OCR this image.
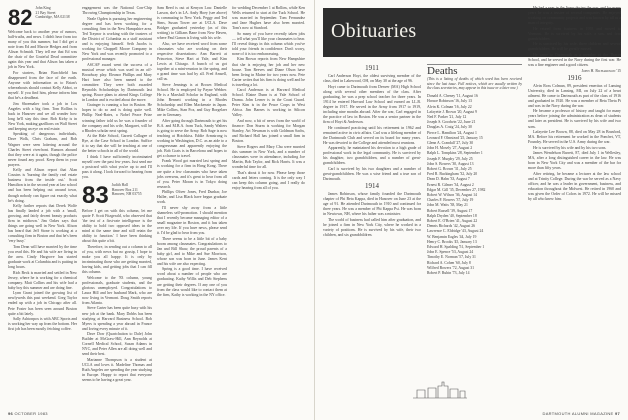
82 John King
21 Bay Street
Cambridge, MA 02138

Welcome back to another year of rumors, half-truths, and news. I didn't hear from too many of you this summer, but I did get a note from Ed and Marcie Hedges and from Alison Schmidt. They tell me that Ed was the chair of the Grateful Dead committee again this year and that Alison has taken a job in New York.

For starters, Brian Burchfield has disappeared from the face of the earth. Anyone with information as to Brian's whereabouts should contact Kelly Abbot, or myself. If you find him, please inform him that he's a deadbeat.

Jim Shoemaker took a job in Los Angeles with a big firm. Tom Rollins is back in Hanover and we all wonder how long he'll stay this time. Bob Kirby is in New York, making gazillions on Wall Street and keeping an eye on real estate.

Speaking of dangerous individuals, Dave Wolk, Chris Graham, and Bob Wagner were seen loitering around the Charles Street riverfront. Rumors abound that they were at it again, though the police never found any proof. Keep them in your prayers.

Kelly and Alison report that Alan Cousins is 'burning the family real estate business from the inside out.' Scott Hamilton is in the second year at law school and has been helping out around town, though nobody can figure out exactly what he's doing.

Kelly further reports that Derek Wolfe has finally landed a job with a 'small, growing, and fairly decent beauty products firm in midtown.' Jim Oakes says that things are going well in New York. Alison has heard that Jeff Stone is working at a consulting firm in Boston and that he's been 'very busy.'

Tom Dean will have married by the time you read this. He and his wife are living in the area. Cindy Hargrove has started graduate work at Columbia and is putting in long hours.

Rich Beck is married and settled in New Jersey, where he is working for a chemical company. Matt Collins and his wife had a baby boy this summer and are doing fine.

Lynn Grant joined the growing list of newlyweds this past weekend. Greg Taylor ended up with a job in Chicago after all. Pete Foster has been seen around Boston quite a bit lately.

Sally Ashtonpox is with ABC Sports and is working her way up from the bottom. Her first job has been mostly fetching coffee.

engagement was the National Con-Chip Throwing Championship in Texas.

Neale Ogden is pursuing her engineering degree and has been working for a consulting firm in the New Hampshire area. Ted Traynor is working with the trustees of the District of Columbia as a staff assistant and is enjoying himself. Seth Jacobs is working for Chappell Moore Company in New York and was recently promoted to a professional manager.

ASCAP award went the success of a musical revue which was used in an off-Broadway play. Eleanor Phillips and Mary Hart have also been named to the committee. They were both awarded Reynolds Scholarships by Dartmouth last spring. Bruce plans to attend Kings College in London and is excited about the move.

Grainger is running a bar in Boston. He hopes to do so and is doing quite well. Phillip Neal-Bates, a Nobel Peace Prize winning father told us he was a founder of the company and his wife, Margaret, will be a Rhodes scholar next spring.

At the Hale School, Garrett Callagee of Rye, at the Case School in London. Suffice it to say that she will be teaching at one of the better schools in all of the world.

I think I have sufficiently incriminated myself over the past few years. Just send me a postcard with what you're up to and I'll pass it along. I look forward to hearing from you.

83 Judith Hall
Hanover Box 211
Hanover, NH 03755

Before I get on with this column, let me quote F. Scott Fitzgerald, who observed that 'the test of a first-rate intelligence is the ability to hold two opposed ideas in the mind at the same time and still retain the ability to function.' I have been thinking about this quite a bit.

Therefore, in sending out a column to all of you, with news but no gossip, I hope to make you all happy. It is only by incriminating those who are getting married, having kids, and getting jobs that I can fill this column.

Welcome to the '83 column, young professionals, graduate students, and the glorious unemployed. Congratulations to Laura Hill and her husband Mark, who are now living in Vermont. Doug Smith reports from Atlanta.

Steve Carter has been quite busy with his new job at the bank. Mary Dobbs has been studying at Harvard Business School. Bob Myers is spending a year abroad in France and loving every minute of it.

Dave Dorr (Quartchaiton to Dale) John Builder at McGraw-Hill, Ann Reynolds at Cornell Medical School, Susan Adams in NYC, and Peter Allen are all doing well and send their best.

Marianne Thompson is a student at UCLA and loves it. Madeline Thomas and Ruth Angeles are spending the year studying in Europe. Happy to report that everyone seems to be having a great year.

Sam Reed is out at Kenyon Law. Danielle Larson, she's in LA. Andy Hoey (see above) is commuting to New York. Peggy and Ted Sims, Susan Tower are at UCLA. Dave Bridger graduated yesterday (as of this writing) to Gillians Bane from New Haven, where Paul Ganon is living with his wife.

Also, we have received word from some classmates who are working on their respective dissertations: Ann Barrett at Princeton, Steve Hart at Yale, and Kim Lewis at Chicago. A bunch of us got together at a mini-reunion in the spring, and a grand time was had by all. Fred Amsell, call us.

Steve Jennings is at Brown Medical School. He is employed by Payne Webber. He is a Marshall Scholar in England, with John Bennett working in a Rhodes Scholarship and Ellen Mackenzie in Japan. Mike Collins, Stan Fox, and Guy Borgelaer are in Germany.

After going through Dartmouth to get his B.A. and M.B.A. from Tuck, Sandy Walters is going to serve the Army. Rob Sage is now teaching at Hotchkiss. Eddie Armstrong is working in Washington, D.C. as an aide to a congressman and apparently enjoying the job. Bob Coats is in Barcelona and hopes to get a chance to travel.

Frank Wood got married last spring and is working for a firm in Hong Kong. There are quite a few classmates who have taken jobs overseas, and it's great to hear from all of you. Peter Moran is in Tokyo doing research.

Phillips Oliver Jones, Fred Dunbar, Joe Haller, and Lisa Black have begun graduate work.

I'll never shy away from a little shameless self-promotion. I should mention that I recently became managing editor of a small magazine in Boston, and it has taken over my life. If you have news, please send it. I'd be glad to hear from you.

There seems to be a little bit of a baby boom among classmates. Congratulations to Jan and Bill Shaw, the proud parents of a baby girl, and to Mike and Sue Morrison, whose son was born in June. James Kent and his wife are also expecting.

Spring is a good time. I have received word about a number of people who are graduating. Kathy Willis and Deb Stephens are getting their degrees. If any one of you from the class would like to contact them at the firm, Kathy is working in the NY office.

for wedding December 1 at Rollins, while Ken Wells returned to start at the Tuck School. He was married in September. Tom Fernandez and Jane Hughes have also been married. Tom's now at Stanford.

So many of you have recently taken jobs — tell what you'll like your classmates to hear. I'll reveal things in this column which you've told your friends in confidence. Don't worry, none of it is too embarrassing.

Kim Brown reports from New Hampshire that she is enjoying her job and her new house. Tom Reeves and Diane Olson have been living in Maine for two years now. Pete Carter writes that his firm is doing well and he is traveling a lot.

Carol Anderson is at Harvard Medical School. Elaine Dunn is at Yale School of Drama. John Lerner is in the Coast Guard. Peter Kim is in the Peace Corps in West Africa. Jim Barnes is working in Silicon Valley.

And now, a bit of news from the world of finance: Don Sturm is working for Morgan Stanley, Art Newman is with Goldman Sachs, and Richard Hall has joined a small firm in Boston.

Steve Rogers and Mary Chu were married this summer in New York, and a number of classmates were in attendance, including Joe Martin, Bob Taylor, and Rick Harris. It was a wonderful time for all.

That's about it for now. Please keep those cards and letters coming. It is the only way I can keep this column going, and I really do enjoy hearing from all of you.

96 OCTOBER 1983
Obituaries
1911

Carl Anderson Hoyt, the oldest surviving member of the class, died in Lakewood, OH, on May 30 at the age of 96.

Hoyt came to Dartmouth from Denver (MA) High School along with several other members of the class. After graduating, he was a prep school teacher for three years. In 1914 he entered Harvard Law School and earned an LL.B. degree in 1917. He served in the Army from 1917 to 1919, including nine months abroad. After the war, Carl engaged in the practice of law in Boston. He was a senior partner in the firm of Hoyt & Anderson.

He continued practicing until his retirement in 1962 and remained active in civic affairs. Carl was a lifelong member of the Dartmouth Club and served on its board for many years. He was devoted to the College and attended most reunions.

Apparently, he maintained his devotion to a high grade of professional work in the legal community. He is survived by his daughter, two grandchildren, and a number of great-grandchildren.

Carl is survived by his two daughters and a number of great-grandchildren. He was a wise friend and a true son of Dartmouth.

1914

James Robinson, whose family founded the Dartmouth chapter of Phi Beta Kappa, died in Hanover on June 23 at the age of 91. He attended Dartmouth in 1910 and continued for three years. He was a member of Phi Kappa Psi. He was born in Newtown, NH, where his father was a minister.

The world of business had called him after graduation, and he joined a firm in New York City, where he worked in a variety of positions. He is survived by his wife, their two children, and six grandchildren.

Deaths
(This is a listing of deaths of which word has been received since the last issue. Full notices, which are usually written by the class secretaries, may appear in this issue or a later one.)
Donald A. Cheney '11, August 16
Horace Robinson '16, July 13
Alvin K. Colman '16, July 22
Lafayette J. Brown '20, August 9
Ned F. Parker '21, July 12
Joseph S. Goodwin '22, June 21
Douglas A. Craig '24, July 30
Pierce L. Hamilton '24, August 1
Leonard F. Olmstead '25, January 15
Glenn A. Crandall '27, July 30
John H. Mosely '27, August 2
Ralph L. Tompkins '28, September 1
Joseph F. Murphy '29, July 25
John S. Bowers '30, August 13
Robert G. Brown '31, July 25
Fred R. Buckingham '32, July 20
Dean D. Hahn '33, August 7
Ernest R. Gilmer '34, August 2
Edgar M. Gill '35, December 27, 1982
Robert W. Wilson '36, August 14
Charles F. Bowers '37, July 19
John M. Watts '38, May 21
Robert Russell '39, August 17
Ralph Dryden '40, September 18
Robert E. O'Brien '41, August 22
Dennis Richards '42, August 26
Lawrence C. Eldridge '43, August 24
W. Benjamin Eagles '44, July 19
Henry C. Brooks '45, January 13
Edward H. Spalding '51, September 1
John E. Spence '53, August 24
Timothy E. Norman '57, July 31
Richard A. Cohen '60, July 8
Wilfred Bowers '72, August 31
Robert P. Rubin '73, July 14

He had a year in the Army during the war, and for many years he was a trustee of several companies. He enjoyed working on community projects and was known by all as a man of integrity.

He retired from business in 1958 and moved to Vermont. He is survived by his wife, a son, and four grandchildren.

He is survived by his wife, three children and several grandchildren. He will be greatly missed.

He came to Dartmouth as a member of the Thayer School, and he served in the Navy during the first war. He was a fine engineer and a good citizen.

John H. Richardson '15

1916

Alvin Ross Colman, 89, president emeritus of Lansing University, died in Lansing, MI, on July 22 of a heart ailment. He came to Dartmouth as part of the class of 1916 and graduated in 1920. He was a member of Beta Theta Pi and was in the Navy during the war.

He became a professor of history and taught for many years before joining the administration as dean of students and later as president. He is survived by his wife and two sons.

Lafayette Lee Brown, 88, died on May 28 in Branford, MA. Before his retirement he worked in the Pomfret, VT, Foundry. He served in the U.S. Army during the war.

He is survived by his wife and by his two sons.

James Wendelson Barrett, 87, died July 1 in Wellesley, MA, after a long distinguished career in the law. He was born in New York City and was a member of the bar for more than fifty years.

After retiring, he became a lecturer at the law school and at Trinity College. During the war he served as a Navy officer, and he was a leader in government, business, and education throughout the Midwest. He retired in 1960 and was given the Order of Colors in 1972. He will be missed by all who knew him.

DARTMOUTH ALUMNI MAGAZINE 97
